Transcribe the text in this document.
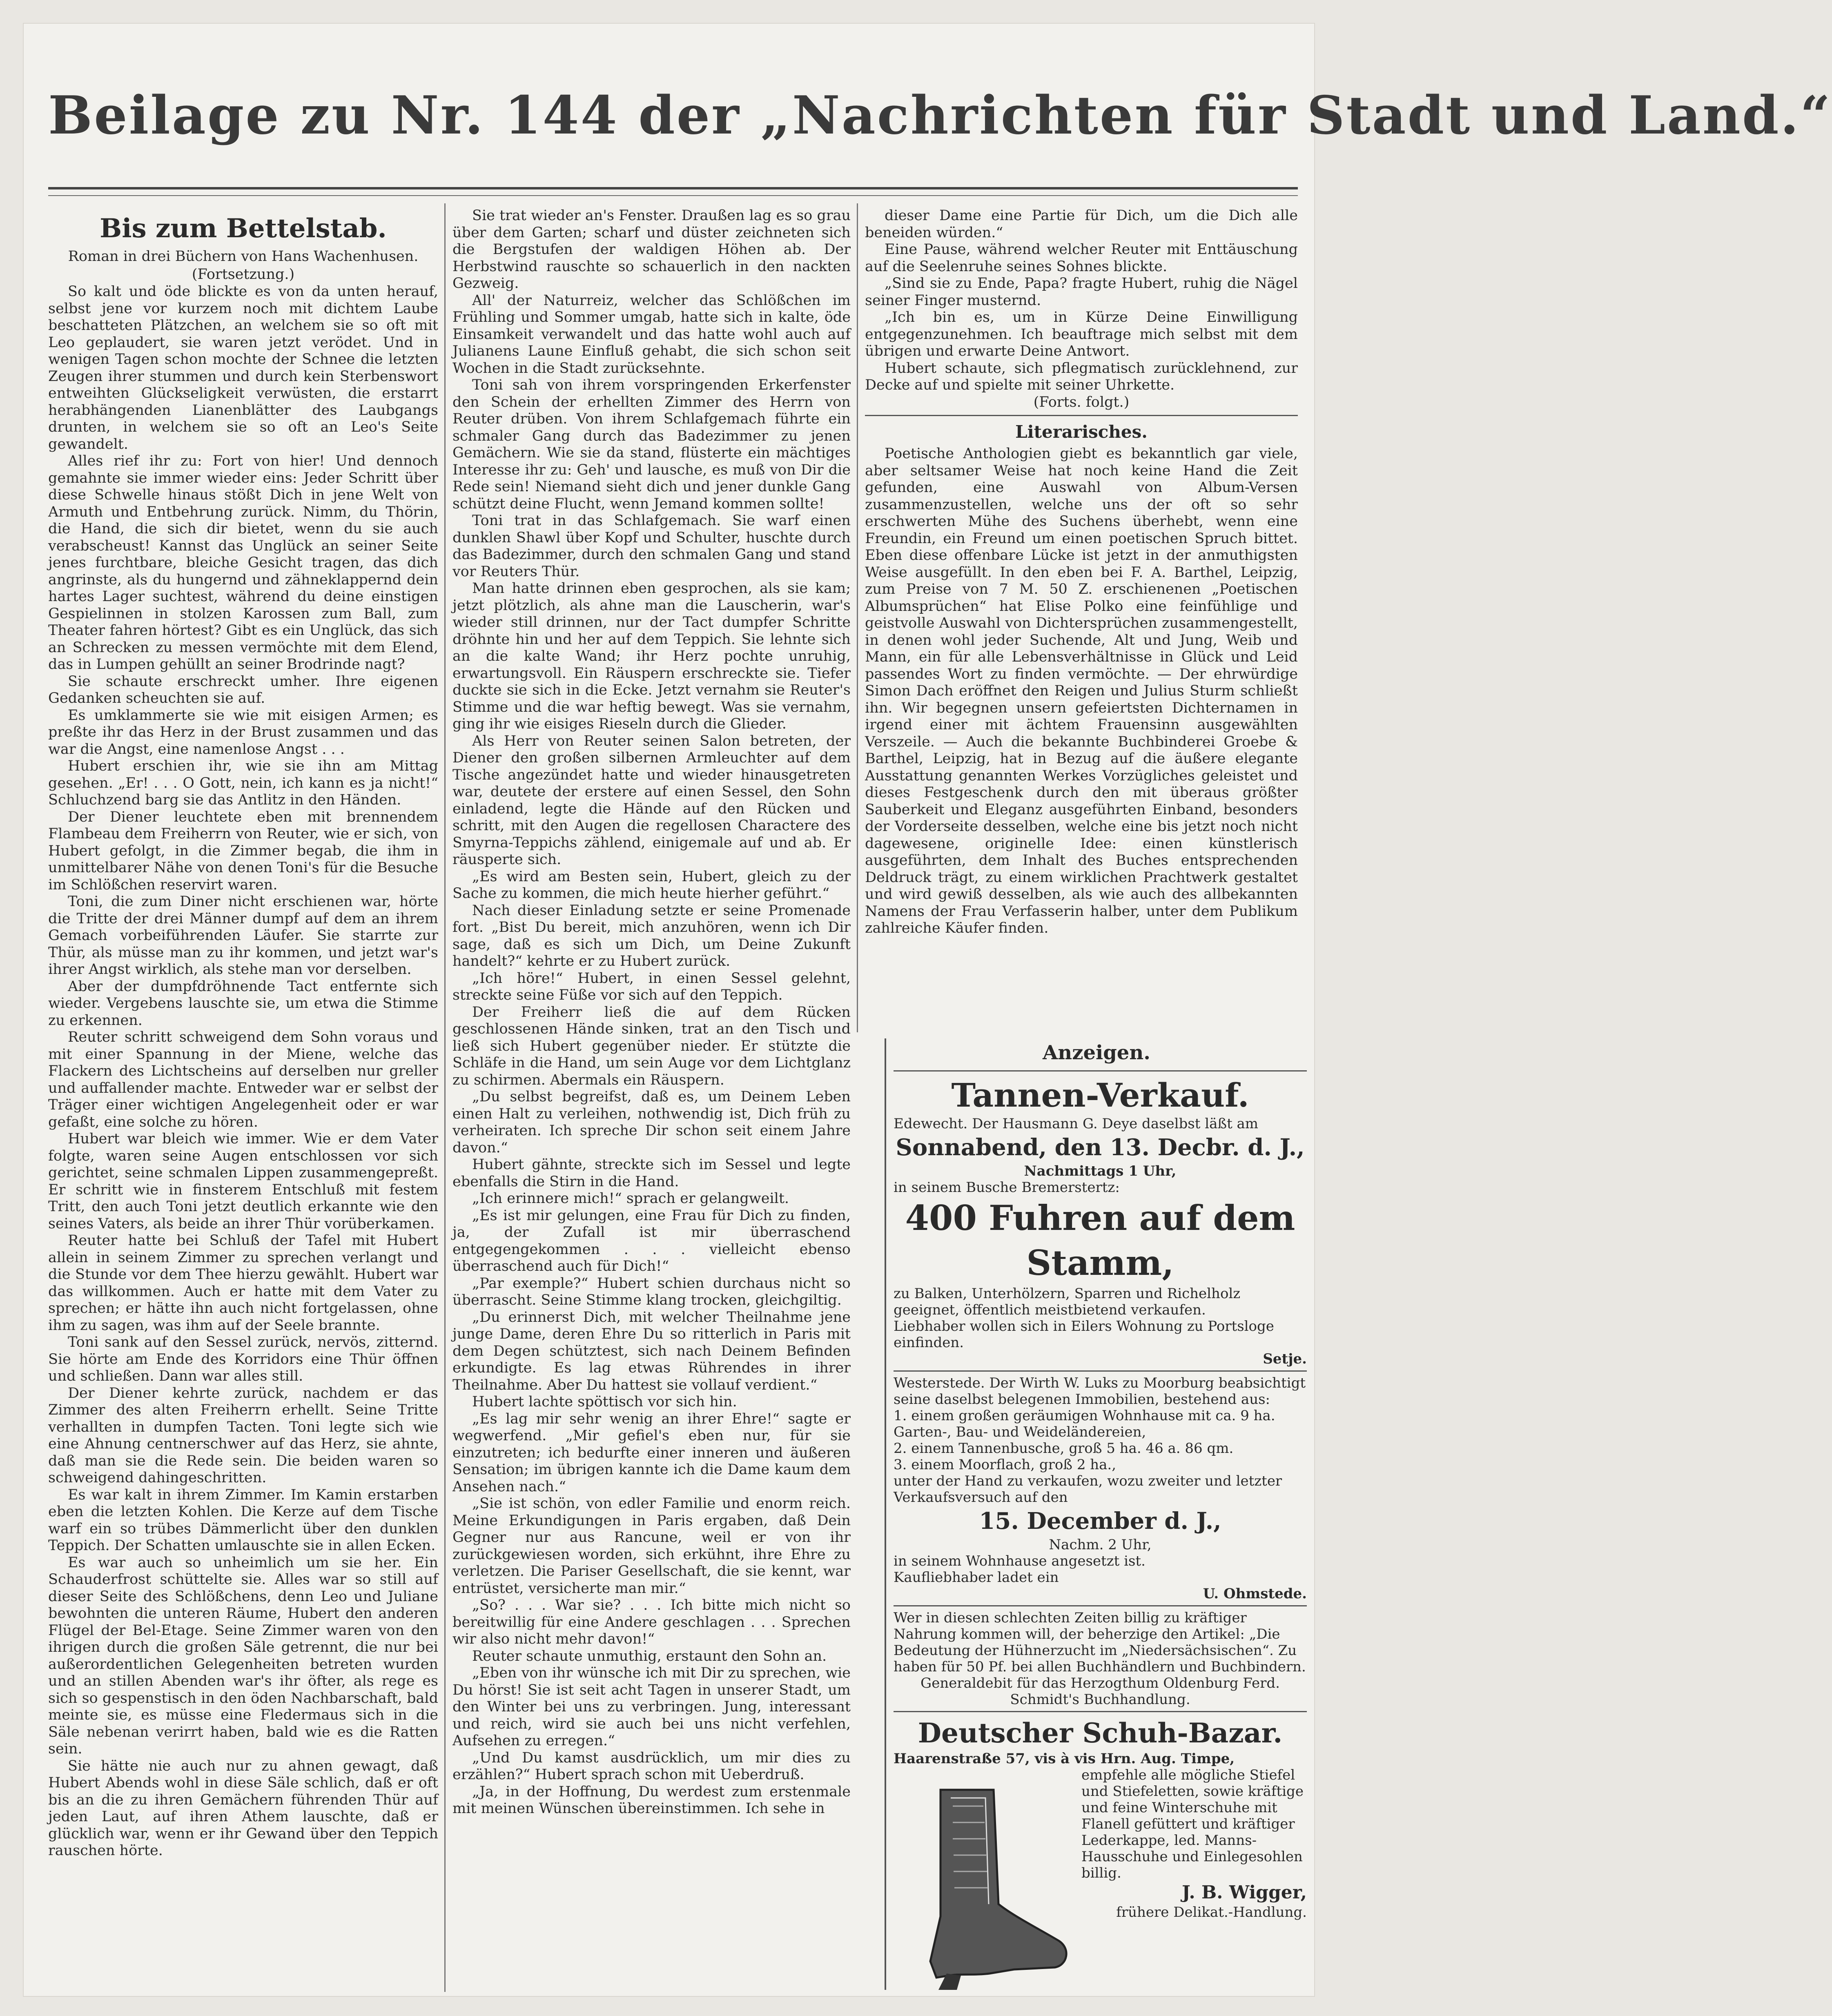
Beilage zu Nr. 144 der „Nachrichten für Stadt und Land.“
Bis zum Bettelstab.
Roman in drei Büchern von Hans Wachenhusen.
(Fortsetzung.)

So kalt und öde blickte es von da unten herauf, selbst jene vor kurzem noch mit dichtem Laube beschatteten Plätzchen, an welchem sie so oft mit Leo geplaudert, sie waren jetzt verödet. Und in wenigen Tagen schon mochte der Schnee die letzten Zeugen ihrer stummen und durch kein Sterbenswort entweihten Glückseligkeit verwüsten, die erstarrt herabhängenden Lianenblätter des Laubgangs drunten, in welchem sie so oft an Leo's Seite gewandelt.

Alles rief ihr zu: Fort von hier! Und dennoch gemahnte sie immer wieder eins: Jeder Schritt über diese Schwelle hinaus stößt Dich in jene Welt von Armuth und Entbehrung zurück. Nimm, du Thörin, die Hand, die sich dir bietet, wenn du sie auch verabscheust! Kannst das Unglück an seiner Seite jenes furchtbare, bleiche Gesicht tragen, das dich angrinste, als du hungernd und zähneklappernd dein hartes Lager suchtest, während du deine einstigen Gespielinnen in stolzen Karossen zum Ball, zum Theater fahren hörtest? Gibt es ein Unglück, das sich an Schrecken zu messen vermöchte mit dem Elend, das in Lumpen gehüllt an seiner Brodrinde nagt?

Sie schaute erschreckt umher. Ihre eigenen Gedanken scheuchten sie auf.

Es umklammerte sie wie mit eisigen Armen; es preßte ihr das Herz in der Brust zusammen und das war die Angst, eine namenlose Angst . . .

Hubert erschien ihr, wie sie ihn am Mittag gesehen. „Er! . . . O Gott, nein, ich kann es ja nicht!“ Schluchzend barg sie das Antlitz in den Händen.

Der Diener leuchtete eben mit brennendem Flambeau dem Freiherrn von Reuter, wie er sich, von Hubert gefolgt, in die Zimmer begab, die ihm in unmittelbarer Nähe von denen Toni's für die Besuche im Schlößchen reservirt waren.

Toni, die zum Diner nicht erschienen war, hörte die Tritte der drei Männer dumpf auf dem an ihrem Gemach vorbeiführenden Läufer. Sie starrte zur Thür, als müsse man zu ihr kommen, und jetzt war's ihrer Angst wirklich, als stehe man vor derselben.

Aber der dumpfdröhnende Tact entfernte sich wieder. Vergebens lauschte sie, um etwa die Stimme zu erkennen.

Reuter schritt schweigend dem Sohn voraus und mit einer Spannung in der Miene, welche das Flackern des Lichtscheins auf derselben nur greller und auffallender machte. Entweder war er selbst der Träger einer wichtigen Angelegenheit oder er war gefaßt, eine solche zu hören.

Hubert war bleich wie immer. Wie er dem Vater folgte, waren seine Augen entschlossen vor sich gerichtet, seine schmalen Lippen zusammengepreßt. Er schritt wie in finsterem Entschluß mit festem Tritt, den auch Toni jetzt deutlich erkannte wie den seines Vaters, als beide an ihrer Thür vorüberkamen.

Reuter hatte bei Schluß der Tafel mit Hubert allein in seinem Zimmer zu sprechen verlangt und die Stunde vor dem Thee hierzu gewählt. Hubert war das willkommen. Auch er hatte mit dem Vater zu sprechen; er hätte ihn auch nicht fortgelassen, ohne ihm zu sagen, was ihm auf der Seele brannte.

Toni sank auf den Sessel zurück, nervös, zitternd. Sie hörte am Ende des Korridors eine Thür öffnen und schließen. Dann war alles still.

Der Diener kehrte zurück, nachdem er das Zimmer des alten Freiherrn erhellt. Seine Tritte verhallten in dumpfen Tacten. Toni legte sich wie eine Ahnung centnerschwer auf das Herz, sie ahnte, daß man sie die Rede sein. Die beiden waren so schweigend dahingeschritten.

Es war kalt in ihrem Zimmer. Im Kamin erstarben eben die letzten Kohlen. Die Kerze auf dem Tische warf ein so trübes Dämmerlicht über den dunklen Teppich. Der Schatten umlauschte sie in allen Ecken.

Es war auch so unheimlich um sie her. Ein Schauderfrost schüttelte sie. Alles war so still auf dieser Seite des Schlößchens, denn Leo und Juliane bewohnten die unteren Räume, Hubert den anderen Flügel der Bel-Etage. Seine Zimmer waren von den ihrigen durch die großen Säle getrennt, die nur bei außerordentlichen Gelegenheiten betreten wurden und an stillen Abenden war's ihr öfter, als rege es sich so gespenstisch in den öden Nachbarschaft, bald meinte sie, es müsse eine Fledermaus sich in die Säle nebenan verirrt haben, bald wie es die Ratten sein.

Sie hätte nie auch nur zu ahnen gewagt, daß Hubert Abends wohl in diese Säle schlich, daß er oft bis an die zu ihren Gemächern führenden Thür auf jeden Laut, auf ihren Athem lauschte, daß er glücklich war, wenn er ihr Gewand über den Teppich rauschen hörte.

Sie trat wieder an's Fenster. Draußen lag es so grau über dem Garten; scharf und düster zeichneten sich die Bergstufen der waldigen Höhen ab. Der Herbstwind rauschte so schauerlich in den nackten Gezweig.

All' der Naturreiz, welcher das Schlößchen im Frühling und Sommer umgab, hatte sich in kalte, öde Einsamkeit verwandelt und das hatte wohl auch auf Julianens Laune Einfluß gehabt, die sich schon seit Wochen in die Stadt zurücksehnte.

Toni sah von ihrem vorspringenden Erkerfenster den Schein der erhellten Zimmer des Herrn von Reuter drüben. Von ihrem Schlafgemach führte ein schmaler Gang durch das Badezimmer zu jenen Gemächern. Wie sie da stand, flüsterte ein mächtiges Interesse ihr zu: Geh' und lausche, es muß von Dir die Rede sein! Niemand sieht dich und jener dunkle Gang schützt deine Flucht, wenn Jemand kommen sollte!

Toni trat in das Schlafgemach. Sie warf einen dunklen Shawl über Kopf und Schulter, huschte durch das Badezimmer, durch den schmalen Gang und stand vor Reuters Thür.

Man hatte drinnen eben gesprochen, als sie kam; jetzt plötzlich, als ahne man die Lauscherin, war's wieder still drinnen, nur der Tact dumpfer Schritte dröhnte hin und her auf dem Teppich. Sie lehnte sich an die kalte Wand; ihr Herz pochte unruhig, erwartungsvoll. Ein Räuspern erschreckte sie. Tiefer duckte sie sich in die Ecke. Jetzt vernahm sie Reuter's Stimme und die war heftig bewegt. Was sie vernahm, ging ihr wie eisiges Rieseln durch die Glieder.

Als Herr von Reuter seinen Salon betreten, der Diener den großen silbernen Armleuchter auf dem Tische angezündet hatte und wieder hinausgetreten war, deutete der erstere auf einen Sessel, den Sohn einladend, legte die Hände auf den Rücken und schritt, mit den Augen die regellosen Charactere des Smyrna-Teppichs zählend, einigemale auf und ab. Er räusperte sich.

„Es wird am Besten sein, Hubert, gleich zu der Sache zu kommen, die mich heute hierher geführt.“

Nach dieser Einladung setzte er seine Promenade fort. „Bist Du bereit, mich anzuhören, wenn ich Dir sage, daß es sich um Dich, um Deine Zukunft handelt?“ kehrte er zu Hubert zurück.

„Ich höre!“ Hubert, in einen Sessel gelehnt, streckte seine Füße vor sich auf den Teppich.

Der Freiherr ließ die auf dem Rücken geschlossenen Hände sinken, trat an den Tisch und ließ sich Hubert gegenüber nieder. Er stützte die Schläfe in die Hand, um sein Auge vor dem Lichtglanz zu schirmen. Abermals ein Räuspern.

„Du selbst begreifst, daß es, um Deinem Leben einen Halt zu verleihen, nothwendig ist, Dich früh zu verheiraten. Ich spreche Dir schon seit einem Jahre davon.“

Hubert gähnte, streckte sich im Sessel und legte ebenfalls die Stirn in die Hand.

„Ich erinnere mich!“ sprach er gelangweilt.

„Es ist mir gelungen, eine Frau für Dich zu finden, ja, der Zufall ist mir überraschend entgegengekommen . . . vielleicht ebenso überraschend auch für Dich!“

„Par exemple?“ Hubert schien durchaus nicht so überrascht. Seine Stimme klang trocken, gleichgiltig.

„Du erinnerst Dich, mit welcher Theilnahme jene junge Dame, deren Ehre Du so ritterlich in Paris mit dem Degen schütztest, sich nach Deinem Befinden erkundigte. Es lag etwas Rührendes in ihrer Theilnahme. Aber Du hattest sie vollauf verdient.“

Hubert lachte spöttisch vor sich hin.

„Es lag mir sehr wenig an ihrer Ehre!“ sagte er wegwerfend. „Mir gefiel's eben nur, für sie einzutreten; ich bedurfte einer inneren und äußeren Sensation; im übrigen kannte ich die Dame kaum dem Ansehen nach.“

„Sie ist schön, von edler Familie und enorm reich. Meine Erkundigungen in Paris ergaben, daß Dein Gegner nur aus Rancune, weil er von ihr zurückgewiesen worden, sich erkühnt, ihre Ehre zu verletzen. Die Pariser Gesellschaft, die sie kennt, war entrüstet, versicherte man mir.“

„So? . . . War sie? . . . Ich bitte mich nicht so bereitwillig für eine Andere geschlagen . . . Sprechen wir also nicht mehr davon!“

Reuter schaute unmuthig, erstaunt den Sohn an.

„Eben von ihr wünsche ich mit Dir zu sprechen, wie Du hörst! Sie ist seit acht Tagen in unserer Stadt, um den Winter bei uns zu verbringen. Jung, interessant und reich, wird sie auch bei uns nicht verfehlen, Aufsehen zu erregen.“

„Und Du kamst ausdrücklich, um mir dies zu erzählen?“ Hubert sprach schon mit Ueberdruß.

„Ja, in der Hoffnung, Du werdest zum erstenmale mit meinen Wünschen übereinstimmen. Ich sehe in

dieser Dame eine Partie für Dich, um die Dich alle beneiden würden.“

Eine Pause, während welcher Reuter mit Enttäuschung auf die Seelenruhe seines Sohnes blickte.

„Sind sie zu Ende, Papa? fragte Hubert, ruhig die Nägel seiner Finger musternd.

„Ich bin es, um in Kürze Deine Einwilligung entgegenzunehmen. Ich beauftrage mich selbst mit dem übrigen und erwarte Deine Antwort.

Hubert schaute, sich pflegmatisch zurücklehnend, zur Decke auf und spielte mit seiner Uhrkette.

(Forts. folgt.)
Literarisches.

Poetische Anthologien giebt es bekanntlich gar viele, aber seltsamer Weise hat noch keine Hand die Zeit gefunden, eine Auswahl von Album-Versen zusammenzustellen, welche uns der oft so sehr erschwerten Mühe des Suchens überhebt, wenn eine Freundin, ein Freund um einen poetischen Spruch bittet. Eben diese offenbare Lücke ist jetzt in der anmuthigsten Weise ausgefüllt. In den eben bei F. A. Barthel, Leipzig, zum Preise von 7 M. 50 Z. erschienenen „Poetischen Albumsprüchen“ hat Elise Polko eine feinfühlige und geistvolle Auswahl von Dichtersprüchen zusammengestellt, in denen wohl jeder Suchende, Alt und Jung, Weib und Mann, ein für alle Lebensverhältnisse in Glück und Leid passendes Wort zu finden vermöchte. — Der ehrwürdige Simon Dach eröffnet den Reigen und Julius Sturm schließt ihn. Wir begegnen unsern gefeiertsten Dichternamen in irgend einer mit ächtem Frauensinn ausgewählten Verszeile. — Auch die bekannte Buchbinderei Groebe & Barthel, Leipzig, hat in Bezug auf die äußere elegante Ausstattung genannten Werkes Vorzügliches geleistet und dieses Festgeschenk durch den mit überaus größter Sauberkeit und Eleganz ausgeführten Einband, besonders der Vorderseite desselben, welche eine bis jetzt noch nicht dagewesene, originelle Idee: einen künstlerisch ausgeführten, dem Inhalt des Buches entsprechenden Deldruck trägt, zu einem wirklichen Prachtwerk gestaltet und wird gewiß desselben, als wie auch des allbekannten Namens der Frau Verfasserin halber, unter dem Publikum zahlreiche Käufer finden.

Anzeigen.
Tannen-Verkauf.
Edewecht. Der Hausmann G. Deye daselbst läßt am
Sonnabend, den 13. Decbr. d. J.,
Nachmittags 1 Uhr,
in seinem Busche Bremerstertz:
400 Fuhren auf dem Stamm,
zu Balken, Unterhölzern, Sparren und Richelholz geeignet, öffentlich meistbietend verkaufen.
Liebhaber wollen sich in Eilers Wohnung zu Portsloge einfinden.
Setje.
Westerstede. Der Wirth W. Luks zu Moorburg beabsichtigt seine daselbst belegenen Immobilien, bestehend aus:
1. einem großen geräumigen Wohnhause mit ca. 9 ha. Garten-, Bau- und Weideländereien,
2. einem Tannenbusche, groß 5 ha. 46 a. 86 qm.
3. einem Moorflach, groß 2 ha.,
unter der Hand zu verkaufen, wozu zweiter und letzter Verkaufsversuch auf den
15. December d. J.,
Nachm. 2 Uhr,
in seinem Wohnhause angesetzt ist.
Kaufliebhaber ladet ein
U. Ohmstede.
Wer in diesen schlechten Zeiten billig zu kräftiger Nahrung kommen will, der beherzige den Artikel: „Die Bedeutung der Hühnerzucht im „Niedersächsischen“. Zu haben für 50 Pf. bei allen Buchhändlern und Buchbindern.
Generaldebit für das Herzogthum Oldenburg Ferd. Schmidt's Buchhandlung.
Deutscher Schuh-Bazar.
Haarenstraße 57, vis à vis Hrn. Aug. Timpe,
empfehle alle mögliche Stiefel und Stiefeletten, sowie kräftige und feine Winterschuhe mit Flanell gefüttert und kräftiger Lederkappe, led. Manns-Hausschuhe und Einlegesohlen billig.
J. B. Wigger,
frühere Delikat.-Handlung.
